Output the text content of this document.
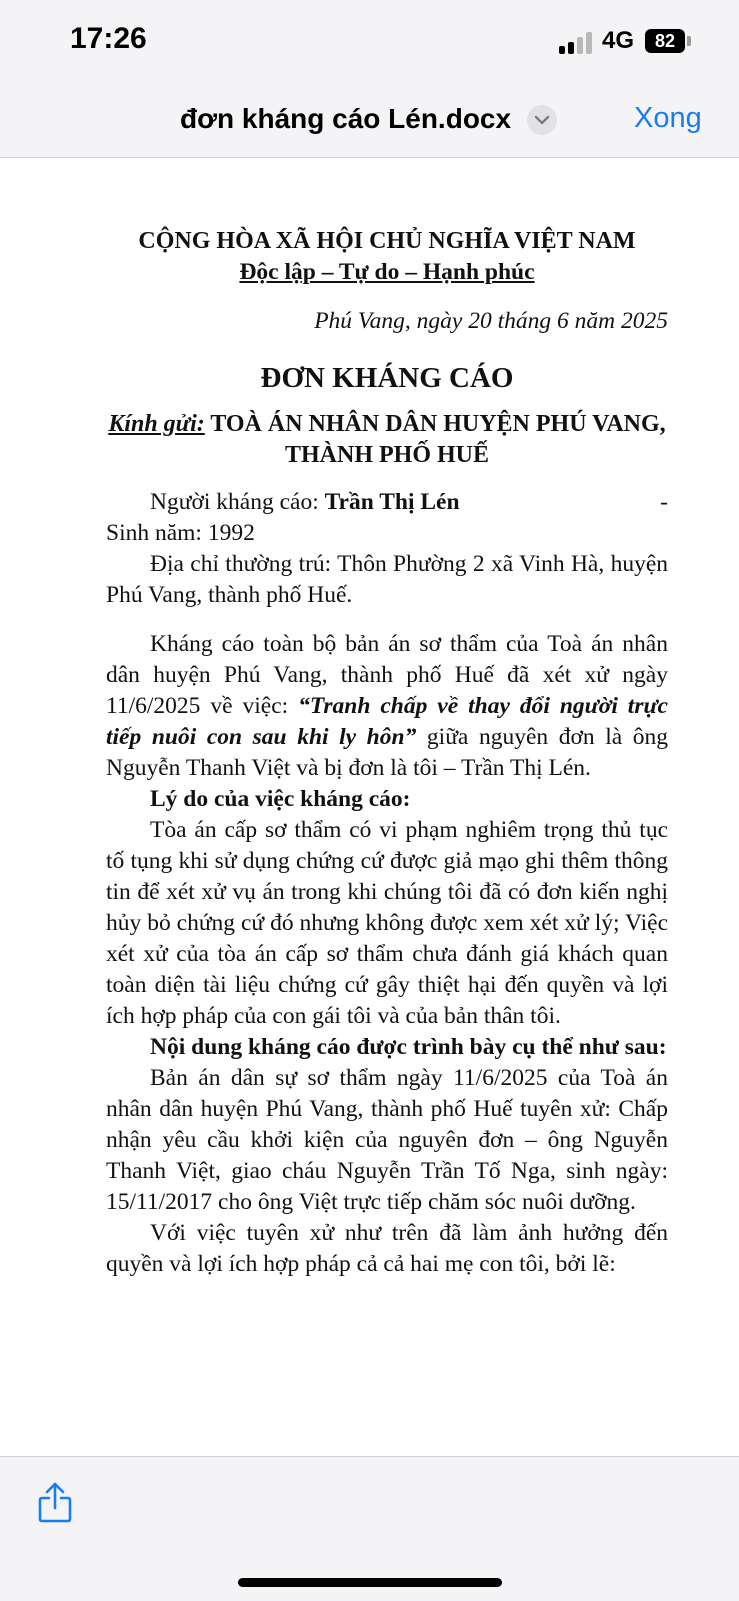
17:26	4G	82
đơn kháng cáo Lén.docx	Xong
CỘNG HÒA XÃ HỘI CHỦ NGHĨA VIỆT NAM
Độc lập – Tự do – Hạnh phúc
Phú Vang, ngày 20 tháng 6 năm 2025
ĐƠN KHÁNG CÁO
Kính gửi: TOÀ ÁN NHÂN DÂN HUYỆN PHÚ VANG, THÀNH PHỐ HUẾ
Người kháng cáo: Trần Thị Lén	-
Sinh năm: 1992

Địa chỉ thường trú: Thôn Phường 2 xã Vinh Hà, huyện Phú Vang, thành phố Huế.

Kháng cáo toàn bộ bản án sơ thẩm của Toà án nhân dân huyện Phú Vang, thành phố Huế đã xét xử ngày 11/6/2025 về việc: “Tranh chấp về thay đổi người trực tiếp nuôi con sau khi ly hôn” giữa nguyên đơn là ông Nguyễn Thanh Việt và bị đơn là tôi – Trần Thị Lén.

Lý do của việc kháng cáo:

Tòa án cấp sơ thẩm có vi phạm nghiêm trọng thủ tục tố tụng khi sử dụng chứng cứ được giả mạo ghi thêm thông tin để xét xử vụ án trong khi chúng tôi đã có đơn kiến nghị hủy bỏ chứng cứ đó nhưng không được xem xét xử lý; Việc xét xử của tòa án cấp sơ thẩm chưa đánh giá khách quan toàn diện tài liệu chứng cứ gây thiệt hại đến quyền và lợi ích hợp pháp của con gái tôi và của bản thân tôi.

Nội dung kháng cáo được trình bày cụ thể như sau:

Bản án dân sự sơ thẩm ngày 11/6/2025 của Toà án nhân dân huyện Phú Vang, thành phố Huế tuyên xử: Chấp nhận yêu cầu khởi kiện của nguyên đơn – ông Nguyễn Thanh Việt, giao cháu Nguyễn Trần Tố Nga, sinh ngày: 15/11/2017 cho ông Việt trực tiếp chăm sóc nuôi dưỡng.

Với việc tuyên xử như trên đã làm ảnh hưởng đến quyền và lợi ích hợp pháp cả cả hai mẹ con tôi, bởi lẽ:
